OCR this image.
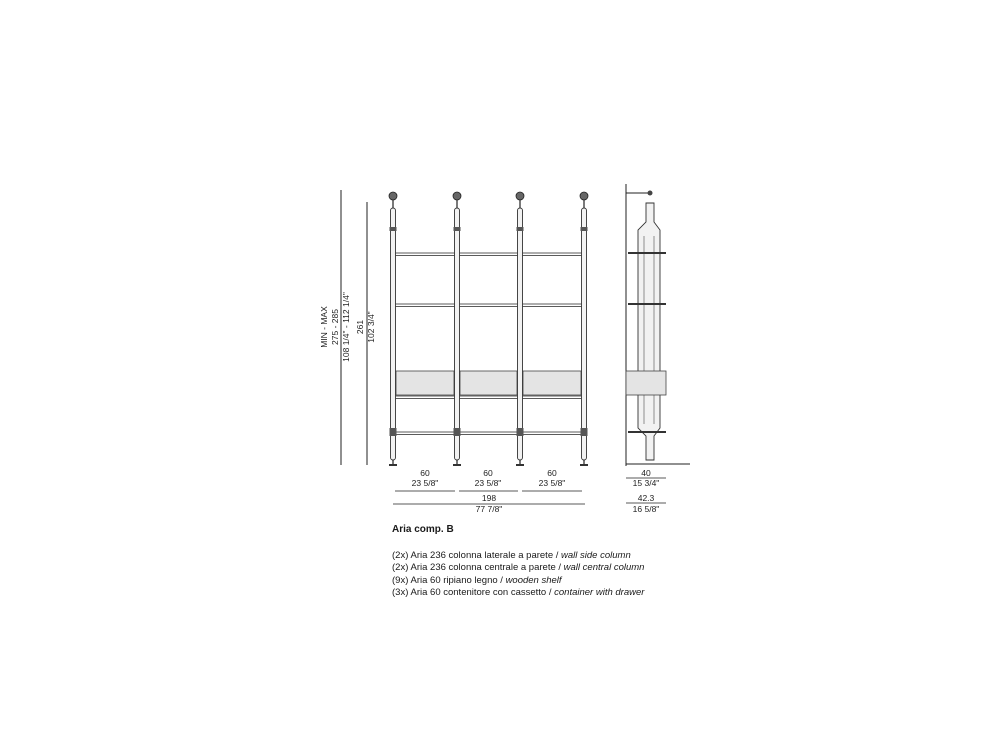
MIN - MAX 275 - 285 108 1/4" - 112 1/4" 261 102 3/4"
60
23 5/8"
60
23 5/8"
60
23 5/8"
198
77 7/8"
40
15 3/4"
42.3
16 5/8"
Aria comp. B
(2x) Aria 236 colonna laterale a parete / wall side column
(2x) Aria 236 colonna centrale a parete / wall central column
(9x) Aria 60 ripiano legno / wooden shelf
(3x) Aria 60 contenitore con cassetto / container with drawer
